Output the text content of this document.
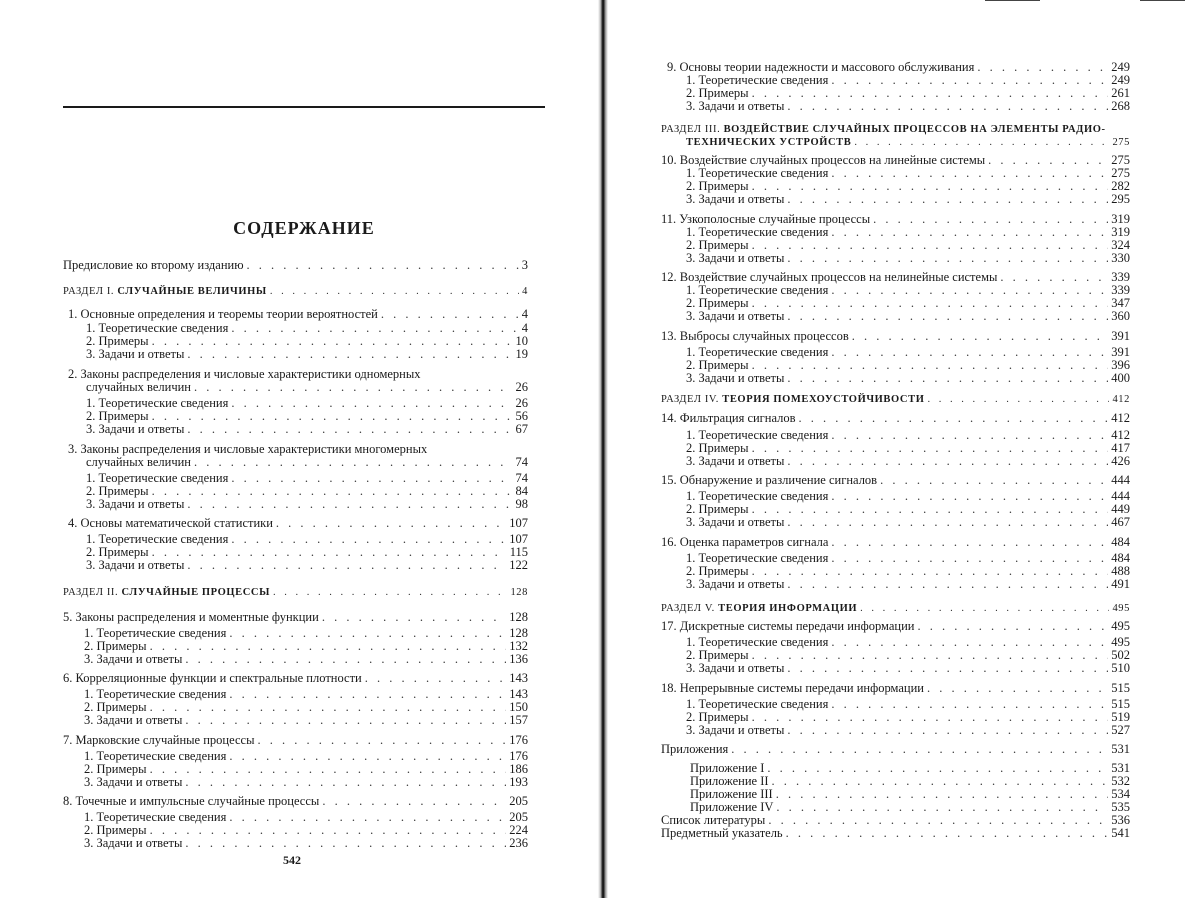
СОДЕРЖАНИЕ
Предисловие ко второму изданию . . .	3
РАЗДЕЛ I. СЛУЧАЙНЫЕ ВЕЛИЧИНЫ . . .	4
1. Основные определения и теоремы теории вероятностей . . .	4
1. Теоретические сведения . . .	4
2. Примеры . . .	10
3. Задачи и ответы . . .	19
2. Законы распределения и числовые характеристики одномерных
случайных величин . . .	26
1. Теоретические сведения . . .	26
2. Примеры . . .	56
3. Задачи и ответы . . .	67
3. Законы распределения и числовые характеристики многомерных
случайных величин . . .	74
1. Теоретические сведения . . .	74
2. Примеры . . .	84
3. Задачи и ответы . . .	98
4. Основы математической статистики . . .	107
1. Теоретические сведения . . .	107
2. Примеры . . .	115
3. Задачи и ответы . . .	122
РАЗДЕЛ II. СЛУЧАЙНЫЕ ПРОЦЕССЫ . . .	128
5. Законы распределения и моментные функции . . .	128
1. Теоретические сведения . . .	128
2. Примеры . . .	132
3. Задачи и ответы . . .	136
6. Корреляционные функции и спектральные плотности . . .	143
1. Теоретические сведения . . .	143
2. Примеры . . .	150
3. Задачи и ответы . . .	157
7. Марковские случайные процессы . . .	176
1. Теоретические сведения . . .	176
2. Примеры . . .	186
3. Задачи и ответы . . .	193
8. Точечные и импульсные случайные процессы . . .	205
1. Теоретические сведения . . .	205
2. Примеры . . .	224
3. Задачи и ответы . . .	236
542
9. Основы теории надежности и массового обслуживания . . .	249
1. Теоретические сведения . . .	249
2. Примеры . . .	261
3. Задачи и ответы . . .	268
РАЗДЕЛ III. ВОЗДЕЙСТВИЕ СЛУЧАЙНЫХ ПРОЦЕССОВ НА ЭЛЕМЕНТЫ РАДИО-
ТЕХНИЧЕСКИХ УСТРОЙСТВ . . .	275
10. Воздействие случайных процессов на линейные системы . . .	275
1. Теоретические сведения . . .	275
2. Примеры . . .	282
3. Задачи и ответы . . .	295
11. Узкополосные случайные процессы . . .	319
1. Теоретические сведения . . .	319
2. Примеры . . .	324
3. Задачи и ответы . . .	330
12. Воздействие случайных процессов на нелинейные системы . . .	339
1. Теоретические сведения . . .	339
2. Примеры . . .	347
3. Задачи и ответы . . .	360
13. Выбросы случайных процессов . . .	391
1. Теоретические сведения . . .	391
2. Примеры . . .	396
3. Задачи и ответы . . .	400
РАЗДЕЛ IV. ТЕОРИЯ ПОМЕХОУСТОЙЧИВОСТИ . . .	412
14. Фильтрация сигналов . . .	412
1. Теоретические сведения . . .	412
2. Примеры . . .	417
3. Задачи и ответы . . .	426
15. Обнаружение и различение сигналов . . .	444
1. Теоретические сведения . . .	444
2. Примеры . . .	449
3. Задачи и ответы . . .	467
16. Оценка параметров сигнала . . .	484
1. Теоретические сведения . . .	484
2. Примеры . . .	488
3. Задачи и ответы . . .	491
РАЗДЕЛ V. ТЕОРИЯ ИНФОРМАЦИИ . . .	495
17. Дискретные системы передачи информации . . .	495
1. Теоретические сведения . . .	495
2. Примеры . . .	502
3. Задачи и ответы . . .	510
18. Непрерывные системы передачи информации . . .	515
1. Теоретические сведения . . .	515
2. Примеры . . .	519
3. Задачи и ответы . . .	527
Приложения . . .	531
Приложение I . . .	531
Приложение II . . .	532
Приложение III . . .	534
Приложение IV . . .	535
Список литературы . . .	536
Предметный указатель . . .	541
